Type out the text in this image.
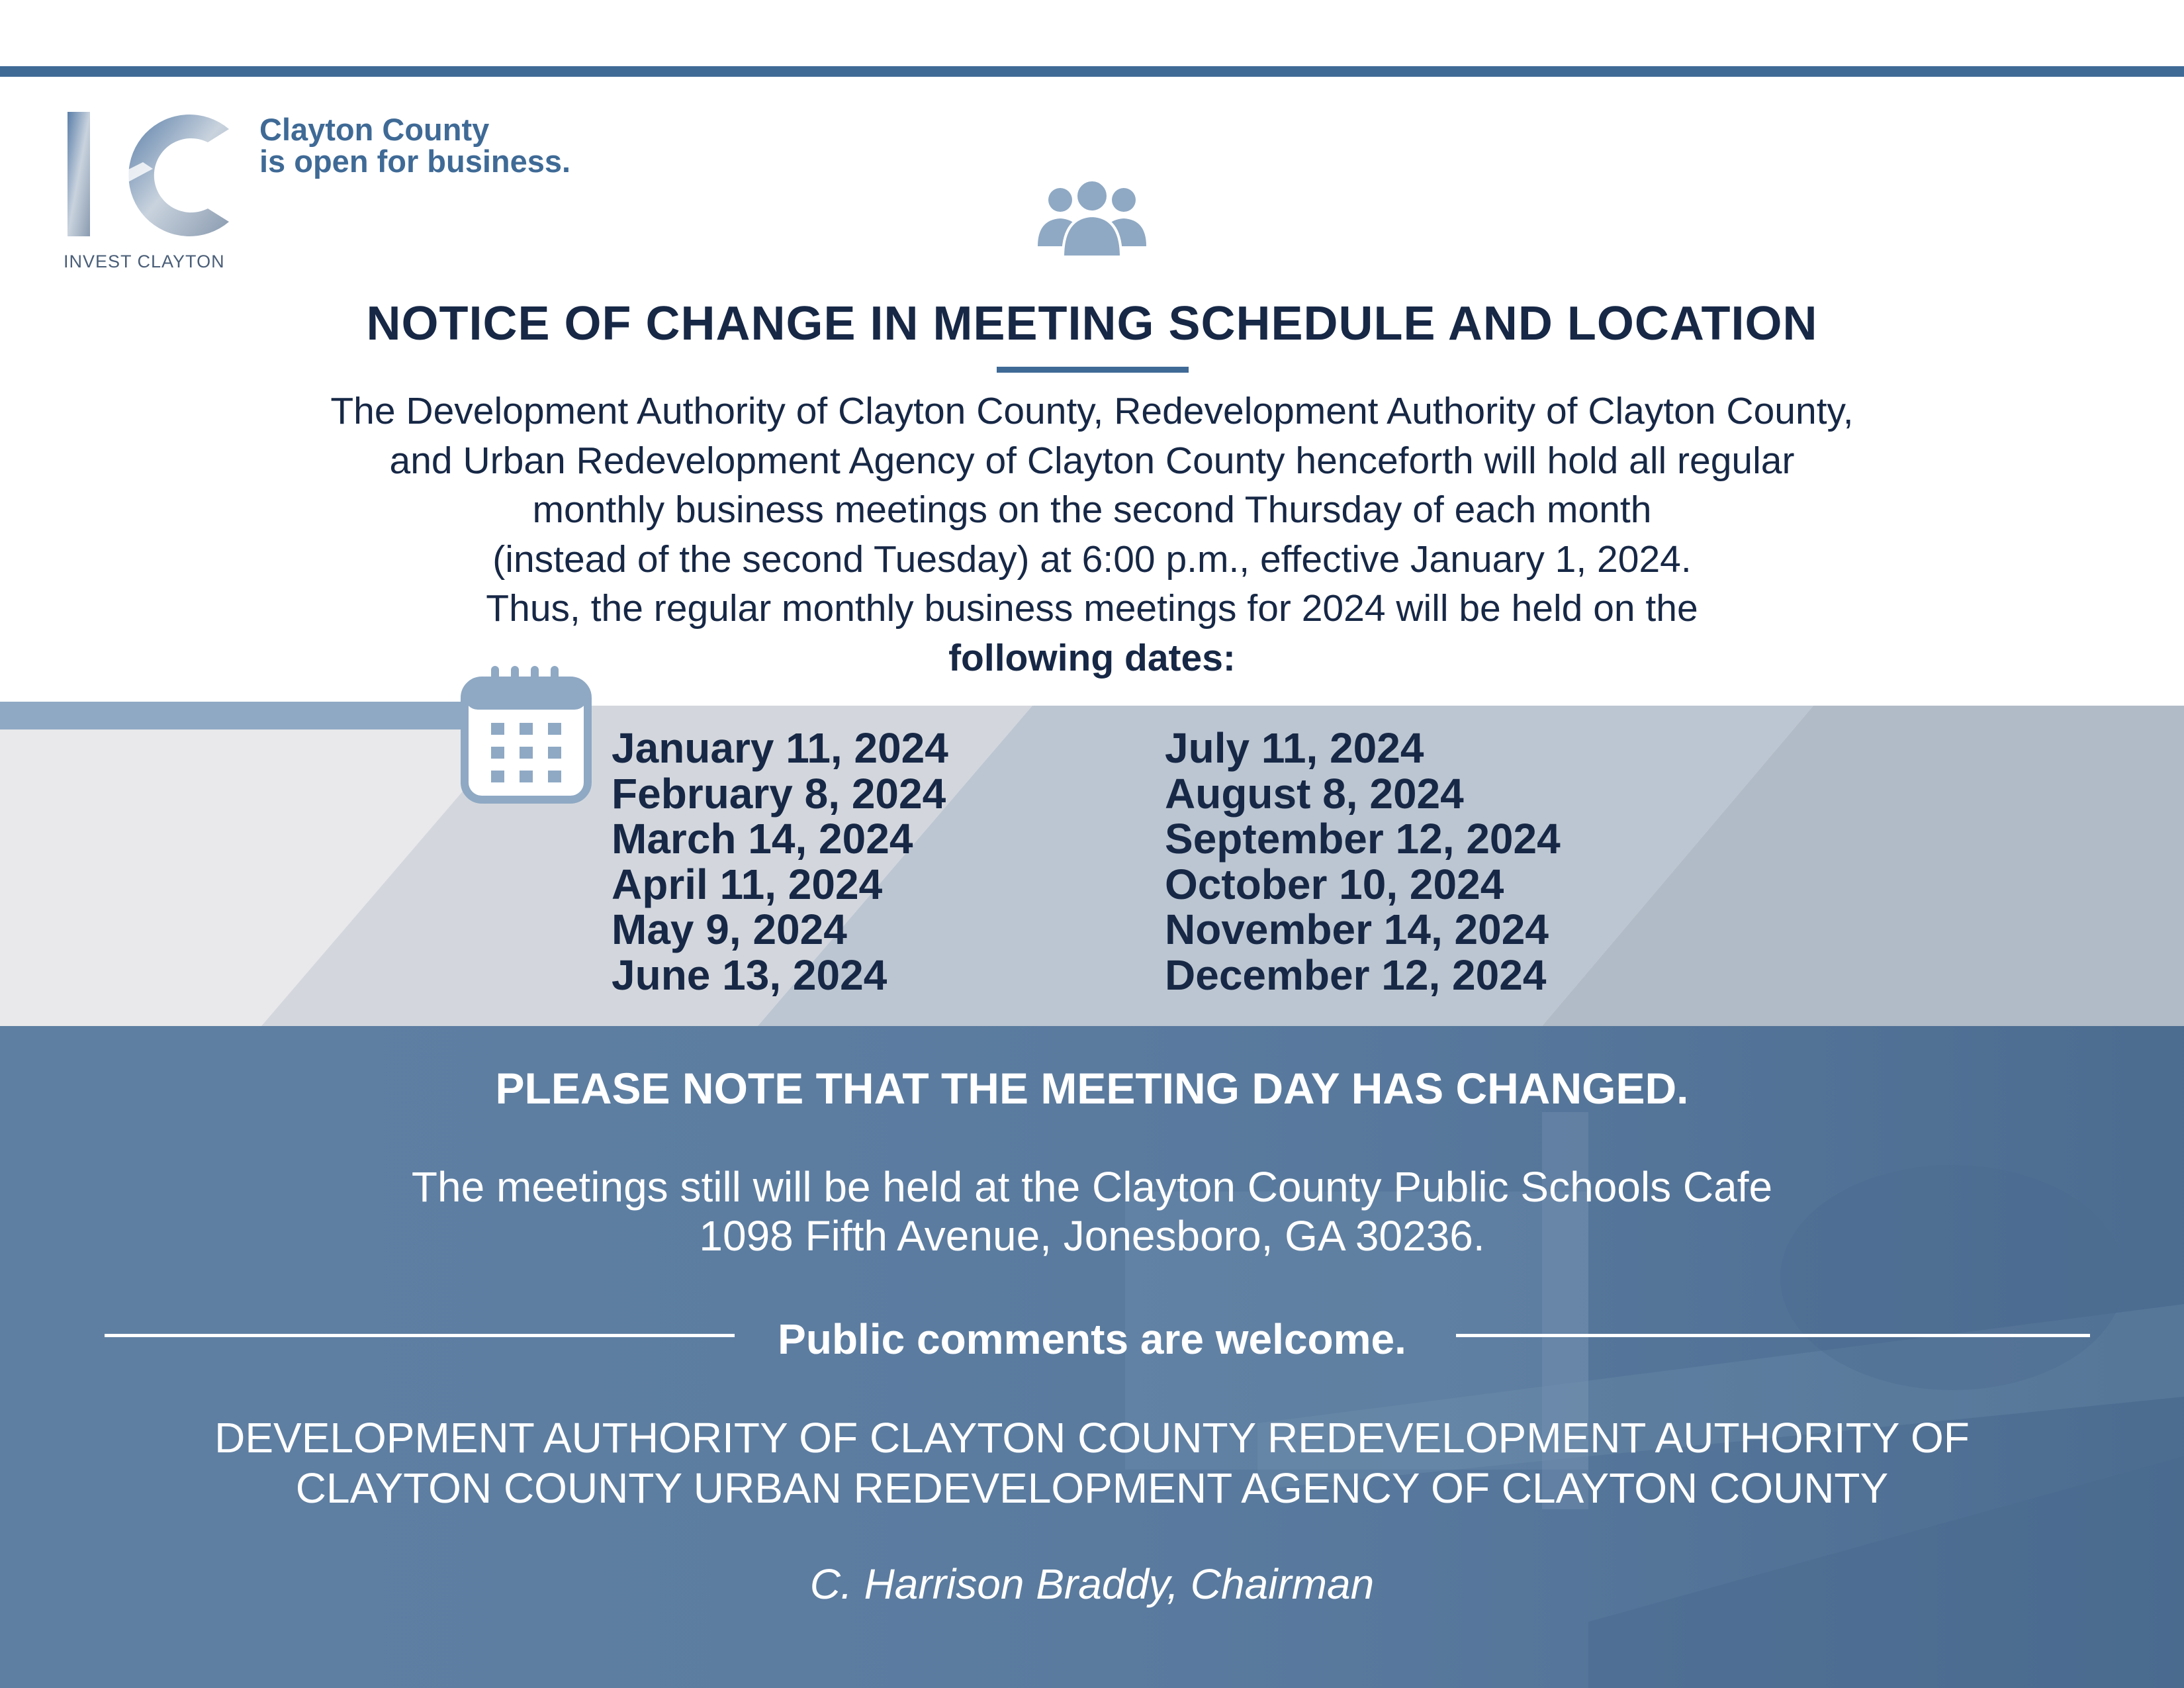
INVEST CLAYTON
Clayton County
is open for business.
NOTICE OF CHANGE IN MEETING SCHEDULE AND LOCATION
The Development Authority of Clayton County, Redevelopment Authority of Clayton County,
and Urban Redevelopment Agency of Clayton County henceforth will hold all regular
monthly business meetings on the second Thursday of each month
(instead of the second Tuesday) at 6:00 p.m., effective January 1, 2024.
Thus, the regular monthly business meetings for 2024 will be held on the
following dates:
January 11, 2024
February 8, 2024
March 14, 2024
April 11, 2024
May 9, 2024
June 13, 2024
July 11, 2024
August 8, 2024
September 12, 2024
October 10, 2024
November 14, 2024
December 12, 2024
PLEASE NOTE THAT THE MEETING DAY HAS CHANGED.
The meetings still will be held at the Clayton County Public Schools Cafe
1098 Fifth Avenue, Jonesboro, GA 30236.
Public comments are welcome.
DEVELOPMENT AUTHORITY OF CLAYTON COUNTY REDEVELOPMENT AUTHORITY OF
CLAYTON COUNTY URBAN REDEVELOPMENT AGENCY OF CLAYTON COUNTY
C. Harrison Braddy, Chairman
